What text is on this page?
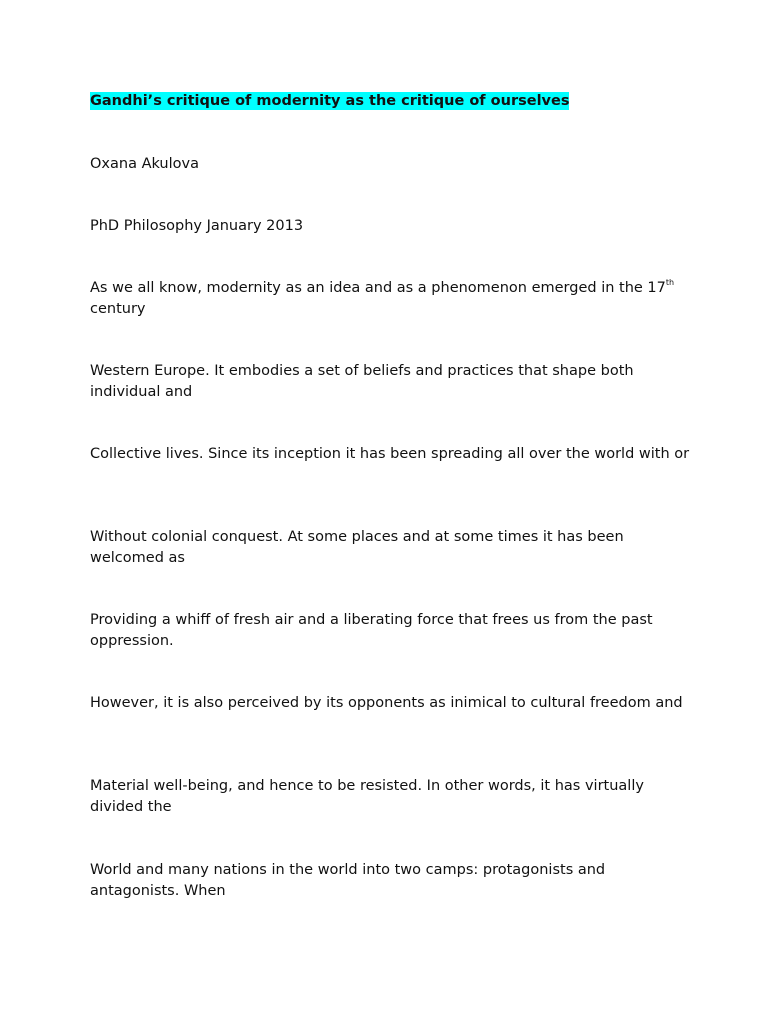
Gandhi’s critique of modernity as the critique of ourselves

Oxana Akulova

PhD Philosophy January 2013

As we all know, modernity as an idea and as a phenomenon emerged in the 17th century

Western Europe. It embodies a set of beliefs and practices that shape both individual and

Collective lives. Since its inception it has been spreading all over the world with or

Without colonial conquest. At some places and at some times it has been welcomed as

Providing a whiff of fresh air and a liberating force that frees us from the past oppression.

However, it is also perceived by its opponents as inimical to cultural freedom and

Material well-being, and hence to be resisted. In other words, it has virtually divided the

World and many nations in the world into two camps: protagonists and antagonists. When
